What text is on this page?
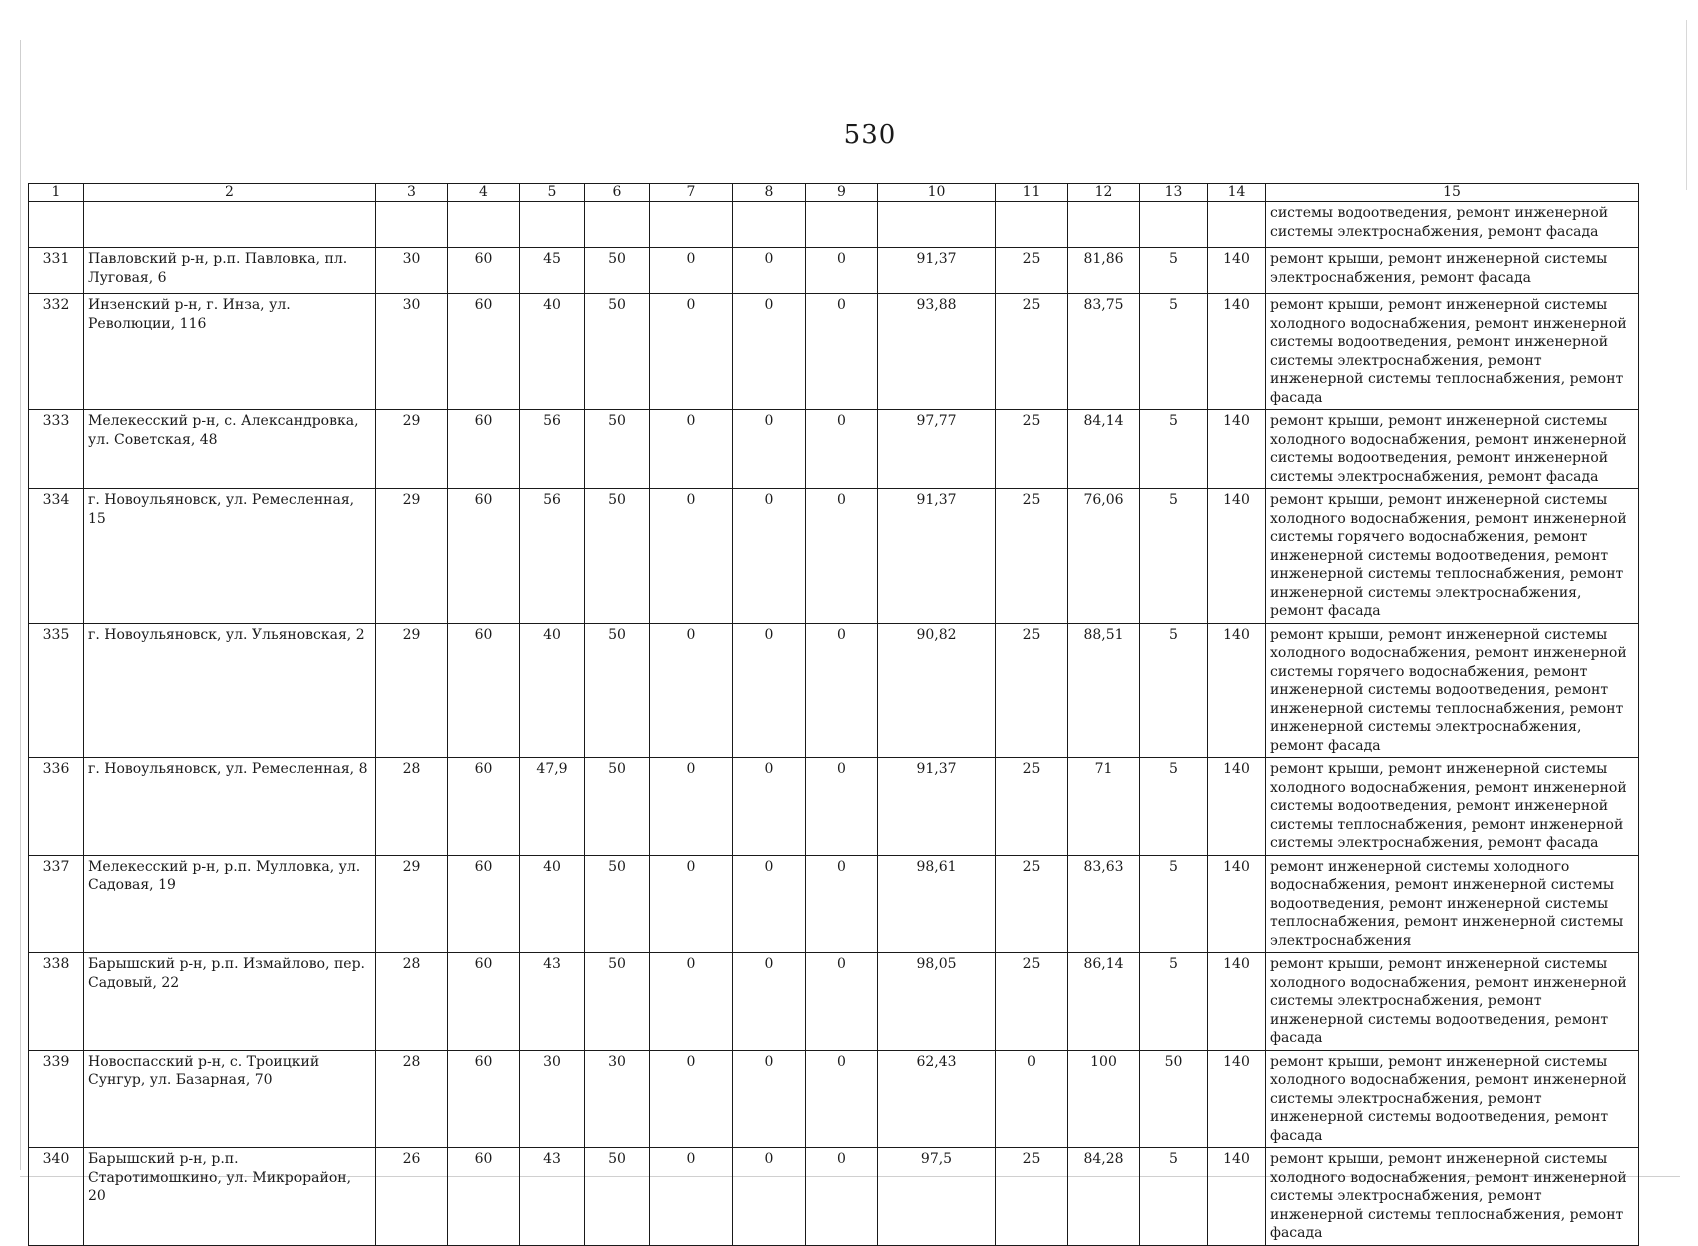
530
1	2	3	4	5	6	7	8	9	10	11	12	13	14	15
														системы водоотведения, ремонт инженерной системы электроснабжения, ремонт фасада
331	Павловский р-н, р.п. Павловка, пл. Луговая, 6	30	60	45	50	0	0	0	91,37	25	81,86	5	140	ремонт крыши, ремонт инженерной системы электроснабжения, ремонт фасада
332	Инзенский р-н, г. Инза, ул. Революции, 116	30	60	40	50	0	0	0	93,88	25	83,75	5	140	ремонт крыши, ремонт инженерной системы холодного водоснабжения, ремонт инженерной системы водоотведения, ремонт инженерной системы электроснабжения, ремонт инженерной системы теплоснабжения, ремонт фасада
333	Мелекесский р-н, с. Александровка, ул. Советская, 48	29	60	56	50	0	0	0	97,77	25	84,14	5	140	ремонт крыши, ремонт инженерной системы холодного водоснабжения, ремонт инженерной системы водоотведения, ремонт инженерной системы электроснабжения, ремонт фасада
334	г. Новоульяновск, ул. Ремесленная, 15	29	60	56	50	0	0	0	91,37	25	76,06	5	140	ремонт крыши, ремонт инженерной системы холодного водоснабжения, ремонт инженерной системы горячего водоснабжения, ремонт инженерной системы водоотведения, ремонт инженерной системы теплоснабжения, ремонт инженерной системы электроснабжения, ремонт фасада
335	г. Новоульяновск, ул. Ульяновская, 2	29	60	40	50	0	0	0	90,82	25	88,51	5	140	ремонт крыши, ремонт инженерной системы холодного водоснабжения, ремонт инженерной системы горячего водоснабжения, ремонт инженерной системы водоотведения, ремонт инженерной системы теплоснабжения, ремонт инженерной системы электроснабжения, ремонт фасада
336	г. Новоульяновск, ул. Ремесленная, 8	28	60	47,9	50	0	0	0	91,37	25	71	5	140	ремонт крыши, ремонт инженерной системы холодного водоснабжения, ремонт инженерной системы водоотведения, ремонт инженерной системы теплоснабжения, ремонт инженерной системы электроснабжения, ремонт фасада
337	Мелекесский р-н, р.п. Мулловка, ул. Садовая, 19	29	60	40	50	0	0	0	98,61	25	83,63	5	140	ремонт инженерной системы холодного водоснабжения, ремонт инженерной системы водоотведения, ремонт инженерной системы теплоснабжения, ремонт инженерной системы электроснабжения
338	Барышский р-н, р.п. Измайлово, пер. Садовый, 22	28	60	43	50	0	0	0	98,05	25	86,14	5	140	ремонт крыши, ремонт инженерной системы холодного водоснабжения, ремонт инженерной системы электроснабжения, ремонт инженерной системы водоотведения, ремонт фасада
339	Новоспасский р-н, с. Троицкий Сунгур, ул. Базарная, 70	28	60	30	30	0	0	0	62,43	0	100	50	140	ремонт крыши, ремонт инженерной системы холодного водоснабжения, ремонт инженерной системы электроснабжения, ремонт инженерной системы водоотведения, ремонт фасада
340	Барышский р-н, р.п. Старотимошкино, ул. Микрорайон, 20	26	60	43	50	0	0	0	97,5	25	84,28	5	140	ремонт крыши, ремонт инженерной системы холодного водоснабжения, ремонт инженерной системы электроснабжения, ремонт инженерной системы теплоснабжения, ремонт фасада
